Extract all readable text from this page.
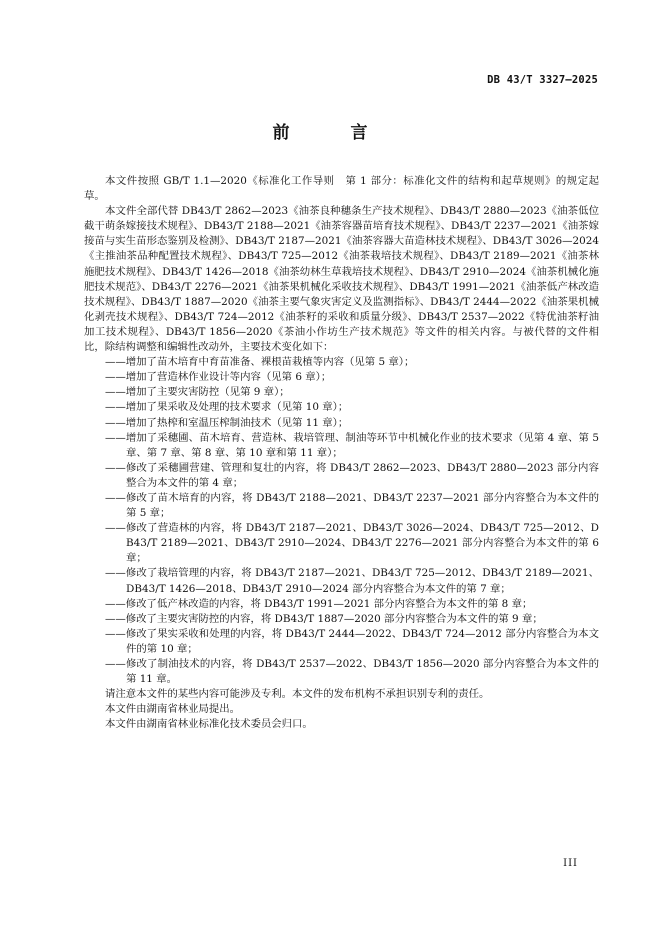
DB 43/T 3327—2025
前　言

本文件按照 GB/T 1.1—2020《标准化工作导则　第 1 部分：标准化文件的结构和起草规则》的规定起草。

本文件全部代替 DB43/T 2862—2023《油茶良种穗条生产技术规程》、DB43/T 2880—2023《油茶低位截干萌条嫁接技术规程》、DB43/T 2188—2021《油茶容器苗培育技术规程》、DB43/T 2237—2021《油茶嫁接苗与实生苗形态鉴别及检测》、DB43/T 2187—2021《油茶容器大苗造林技术规程》、DB43/T 3026—2024《主推油茶品种配置技术规程》、DB43/T 725—2012《油茶栽培技术规程》、DB43/T 2189—2021《油茶林施肥技术规程》、DB43/T 1426—2018《油茶幼林生草栽培技术规程》、DB43/T 2910—2024《油茶机械化施肥技术规范》、DB43/T 2276—2021《油茶果机械化采收技术规程》、DB43/T 1991—2021《油茶低产林改造技术规程》、DB43/T 1887—2020《油茶主要气象灾害定义及监测指标》、DB43/T 2444—2022《油茶果机械化剥壳技术规程》、DB43/T 724—2012《油茶籽的采收和质量分级》、DB43/T 2537—2022《特优油茶籽油加工技术规程》、DB43/T 1856—2020《茶油小作坊生产技术规范》等文件的相关内容。与被代替的文件相比，除结构调整和编辑性改动外，主要技术变化如下：

——增加了苗木培育中育苗准备、裸根苗栽植等内容（见第 5 章）；
——增加了营造林作业设计等内容（见第 6 章）；
——增加了主要灾害防控（见第 9 章）；
——增加了果采收及处理的技术要求（见第 10 章）；
——增加了热榨和室温压榨制油技术（见第 11 章）；
——增加了采穗圃、苗木培育、营造林、栽培管理、制油等环节中机械化作业的技术要求（见第 4 章、第 5 章、第 7 章、第 8 章、第 10 章和第 11 章）；
——修改了采穗圃营建、管理和复壮的内容，将 DB43/T 2862—2023、DB43/T 2880—2023 部分内容整合为本文件的第 4 章；
——修改了苗木培育的内容，将 DB43/T 2188—2021、DB43/T 2237—2021 部分内容整合为本文件的第 5 章；
——修改了营造林的内容，将 DB43/T 2187—2021、DB43/T 3026—2024、DB43/T 725—2012、DB43/T 2189—2021、DB43/T 2910—2024、DB43/T 2276—2021 部分内容整合为本文件的第 6 章；
——修改了栽培管理的内容，将 DB43/T 2187—2021、DB43/T 725—2012、DB43/T 2189—2021、DB43/T 1426—2018、DB43/T 2910—2024 部分内容整合为本文件的第 7 章；
——修改了低产林改造的内容，将 DB43/T 1991—2021 部分内容整合为本文件的第 8 章；
——修改了主要灾害防控的内容，将 DB43/T 1887—2020 部分内容整合为本文件的第 9 章；
——修改了果实采收和处理的内容，将 DB43/T 2444—2022、DB43/T 724—2012 部分内容整合为本文件的第 10 章；
——修改了制油技术的内容，将 DB43/T 2537—2022、DB43/T 1856—2020 部分内容整合为本文件的第 11 章。

请注意本文件的某些内容可能涉及专利。本文件的发布机构不承担识别专利的责任。

本文件由湖南省林业局提出。

本文件由湖南省林业标准化技术委员会归口。

III
